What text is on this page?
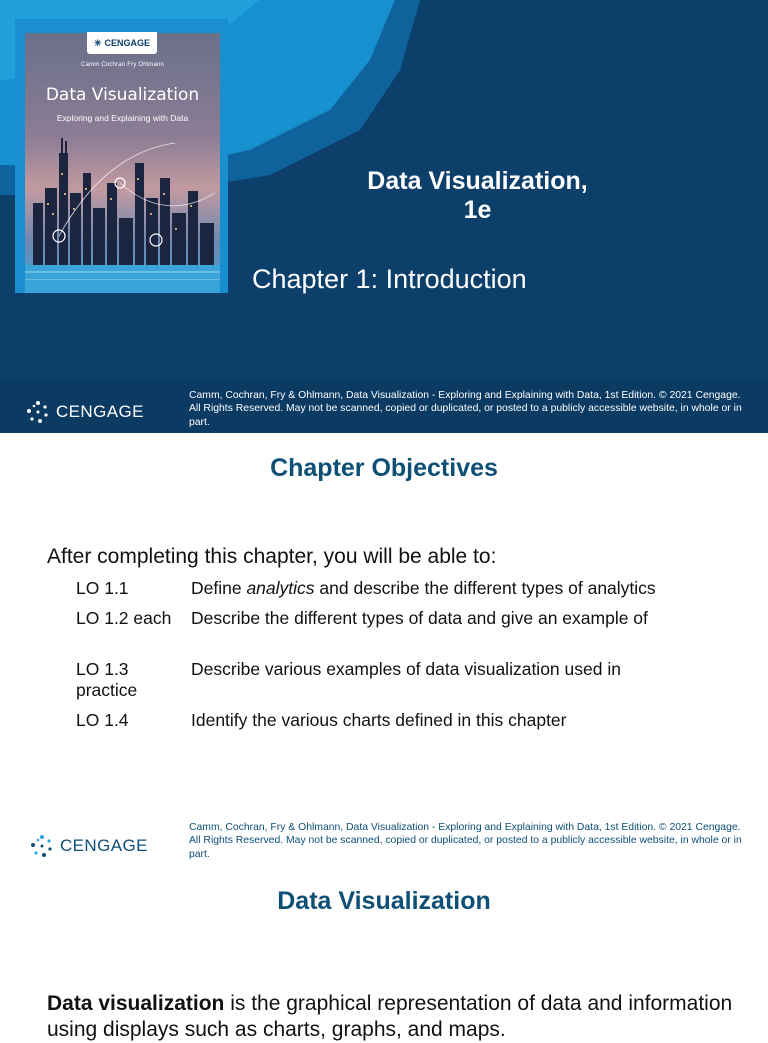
✳ CENGAGE
Camm Cochran Fry Ohlmann
Data Visualization
Exploring and Explaining with Data
Data Visualization,
1e
Chapter 1: Introduction
CENGAGE
Camm, Cochran, Fry & Ohlmann, Data Visualization - Exploring and Explaining with Data, 1st Edition. © 2021 Cengage. All Rights Reserved. May not be scanned, copied or duplicated, or posted to a publicly accessible website, in whole or in part.
Chapter Objectives
After completing this chapter, you will be able to:
LO 1.1	Define analytics and describe the different types of analytics
LO 1.2 each Describe the different types of data and give an example of
LO 1.3 practice
Describe various examples of data visualization used in
LO 1.4	Identify the various charts defined in this chapter
CENGAGE
Camm, Cochran, Fry & Ohlmann, Data Visualization - Exploring and Explaining with Data, 1st Edition. © 2021 Cengage. All Rights Reserved. May not be scanned, copied or duplicated, or posted to a publicly accessible website, in whole or in part.
Data Visualization
Data visualization is the graphical representation of data and information using displays such as charts, graphs, and maps.
